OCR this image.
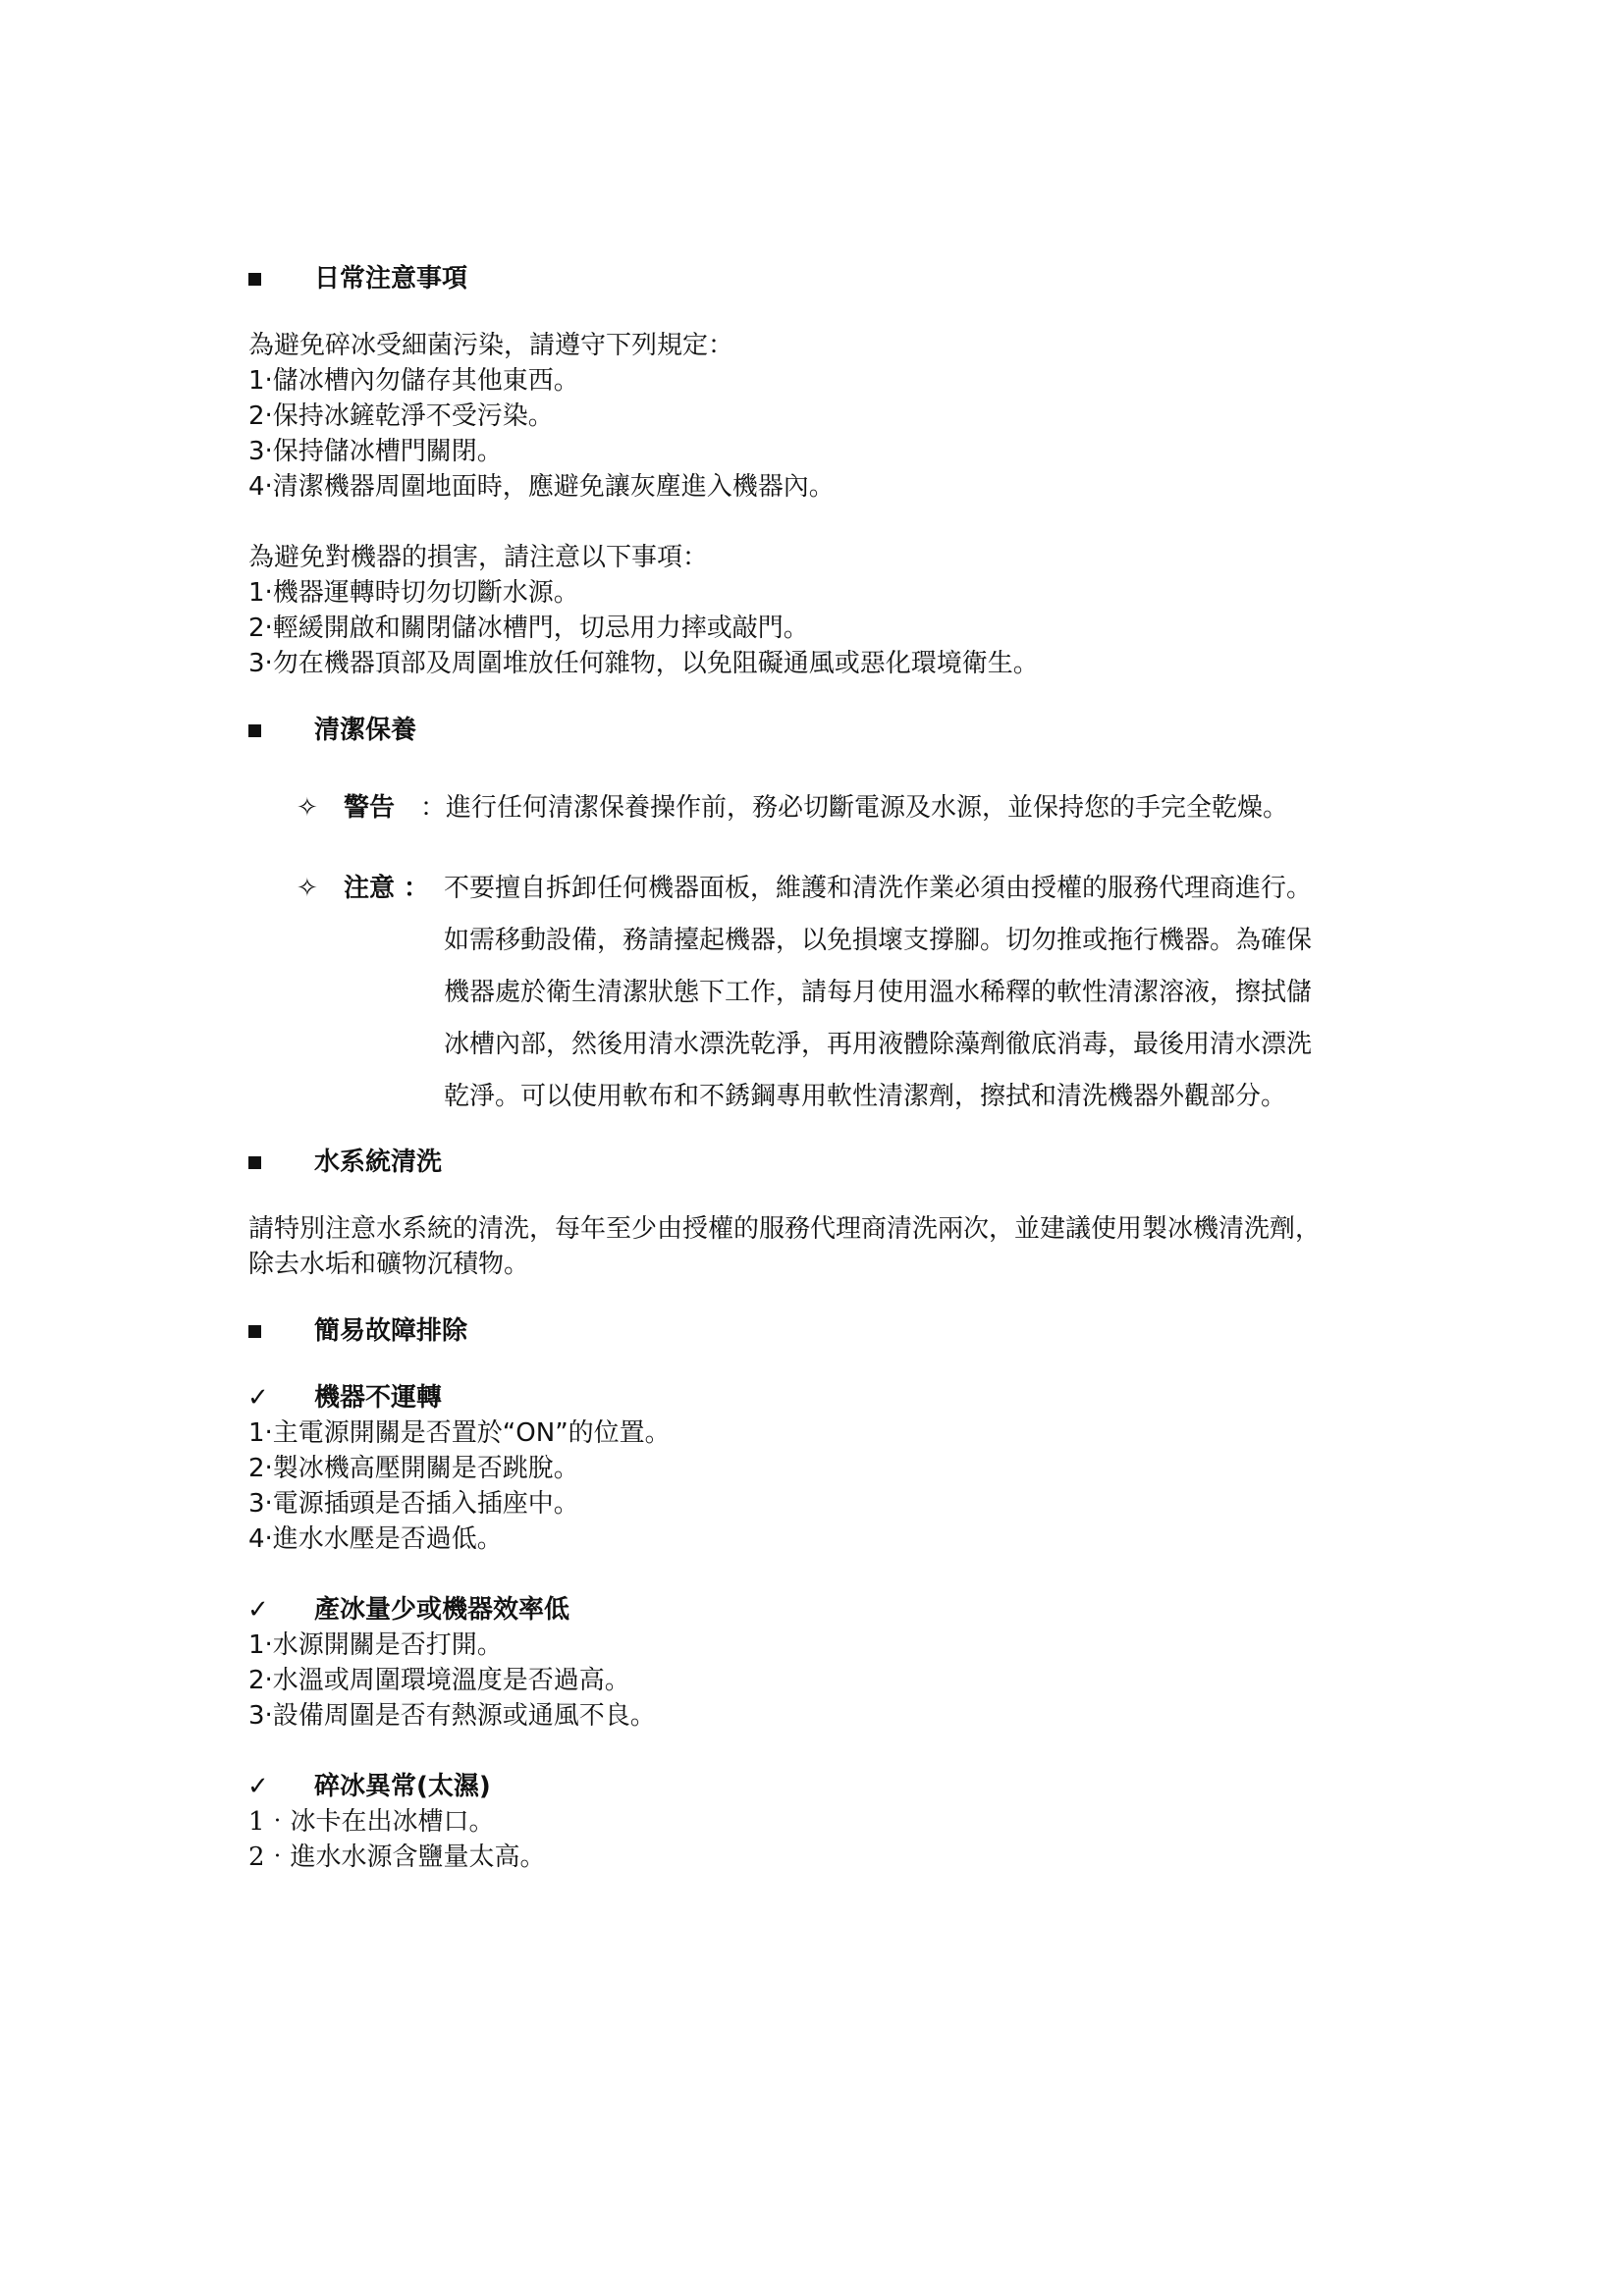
日常注意事項
為避免碎冰受細菌污染，請遵守下列規定：
1‧儲冰槽內勿儲存其他東西。
2‧保持冰鏟乾淨不受污染。
3‧保持儲冰槽門關閉。
4‧清潔機器周圍地面時，應避免讓灰塵進入機器內。
為避免對機器的損害，請注意以下事項：
1‧機器運轉時切勿切斷水源。
2‧輕緩開啟和關閉儲冰槽門，切忌用力摔或敲門。
3‧勿在機器頂部及周圍堆放任何雜物，以免阻礙通風或惡化環境衛生。
清潔保養
✧ 警告 ：進行任何清潔保養操作前，務必切斷電源及水源，並保持您的手完全乾燥。
✧ 注意 ： 不要擅自拆卸任何機器面板，維護和清洗作業必須由授權的服務代理商進行。
如需移動設備，務請擡起機器，以免損壞支撐腳。切勿推或拖行機器。為確保
機器處於衛生清潔狀態下工作，請每月使用溫水稀釋的軟性清潔溶液，擦拭儲
冰槽內部，然後用清水漂洗乾淨，再用液體除藻劑徹底消毒，最後用清水漂洗
乾淨。可以使用軟布和不銹鋼專用軟性清潔劑，擦拭和清洗機器外觀部分。
水系統清洗
請特別注意水系統的清洗，每年至少由授權的服務代理商清洗兩次，並建議使用製冰機清洗劑，
除去水垢和礦物沉積物。
簡易故障排除
✓ 機器不運轉
1‧主電源開關是否置於“ON”的位置。
2‧製冰機高壓開關是否跳脫。
3‧電源插頭是否插入插座中。
4‧進水水壓是否過低。
✓ 產冰量少或機器效率低
1‧水源開關是否打開。
2‧水溫或周圍環境溫度是否過高。
3‧設備周圍是否有熱源或通風不良。
✓ 碎冰異常(太濕)
1‧冰卡在出冰槽口。
2‧進水水源含鹽量太高。
